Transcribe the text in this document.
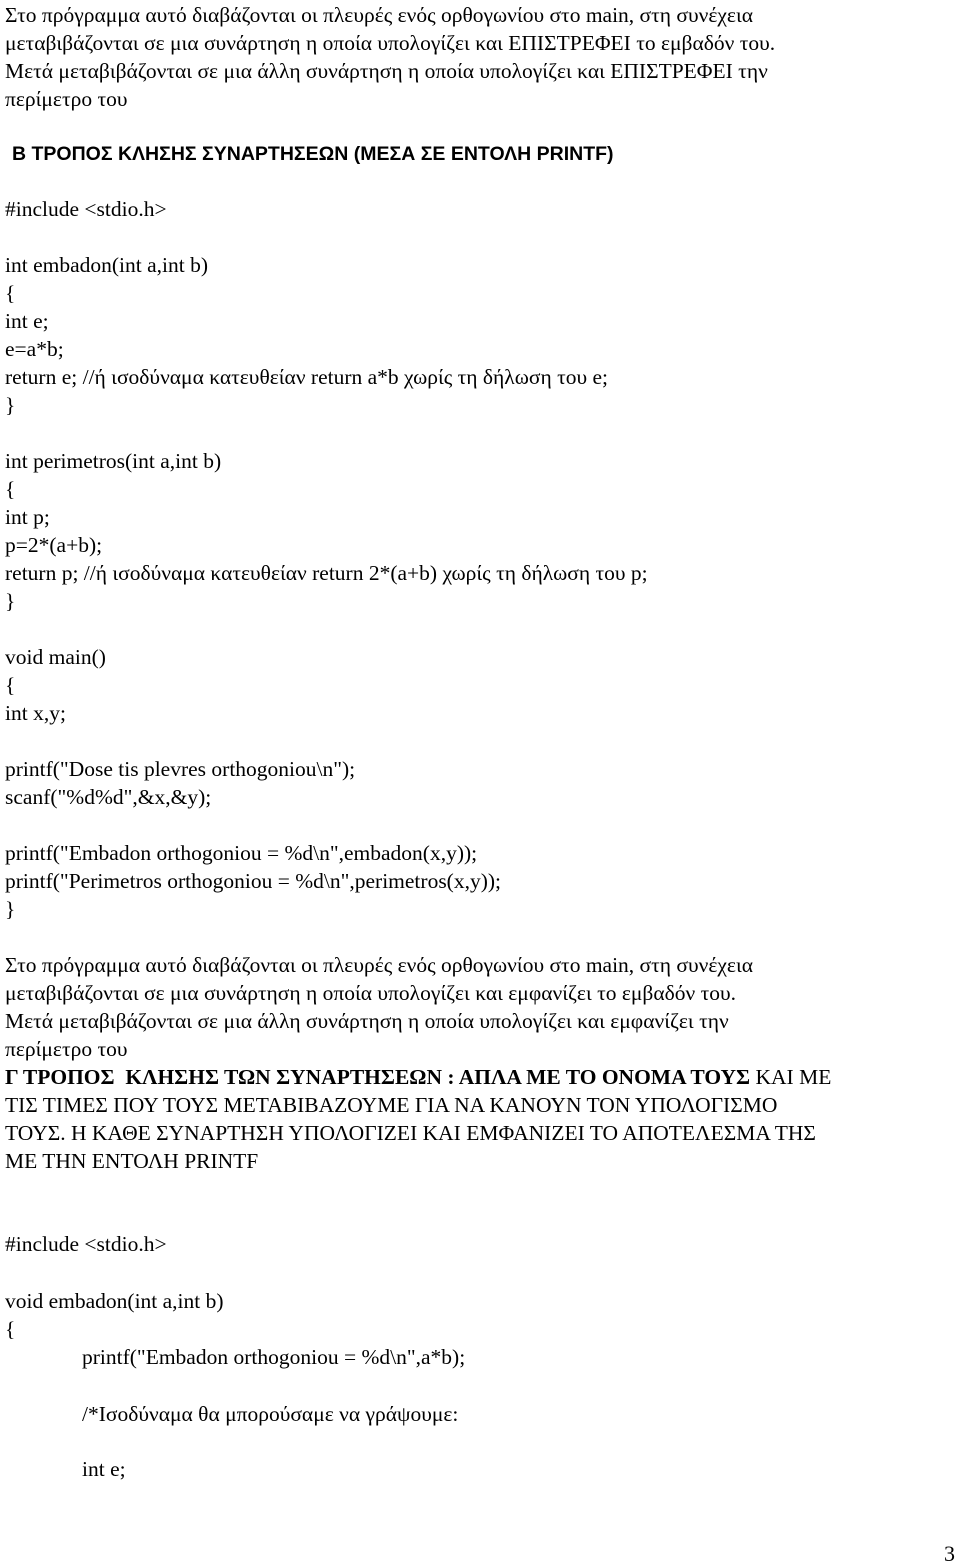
Στο πρόγραμμα αυτό διαβάζονται οι πλευρές ενός ορθογωνίου στο main, στη συνέχεια
μεταβιβάζονται σε μια συνάρτηση η οποία υπολογίζει και ΕΠΙΣΤΡΕΦΕΙ το εμβαδόν του.
Μετά μεταβιβάζονται σε μια άλλη συνάρτηση η οποία υπολογίζει και ΕΠΙΣΤΡΕΦΕΙ την
περίμετρο του
Β ΤΡΟΠΟΣ ΚΛΗΣΗΣ ΣΥΝΑΡΤΗΣΕΩΝ (ΜΕΣΑ ΣΕ ΕΝΤΟΛΗ PRINTF)
#include <stdio.h>
int embadon(int a,int b)
{
int e;
e=a*b;
return e; //ή ισοδύναμα κατευθείαν return a*b χωρίς τη δήλωση του e;
}
int perimetros(int a,int b)
{
int p;
p=2*(a+b);
return p; //ή ισοδύναμα κατευθείαν return 2*(a+b) χωρίς τη δήλωση του p;
}
void main()
{
int x,y;
printf("Dose tis plevres orthogoniou\n");
scanf("%d%d",&x,&y);
printf("Embadon orthogoniou = %d\n",embadon(x,y));
printf("Perimetros orthogoniou = %d\n",perimetros(x,y));
}
Στο πρόγραμμα αυτό διαβάζονται οι πλευρές ενός ορθογωνίου στο main, στη συνέχεια
μεταβιβάζονται σε μια συνάρτηση η οποία υπολογίζει και εμφανίζει το εμβαδόν του.
Μετά μεταβιβάζονται σε μια άλλη συνάρτηση η οποία υπολογίζει και εμφανίζει την
περίμετρο του
Γ ΤΡΟΠΟΣ  ΚΛΗΣΗΣ ΤΩΝ ΣΥΝΑΡΤΗΣΕΩΝ : ΑΠΛΑ ΜΕ ΤΟ ΟΝΟΜΑ ΤΟΥΣ ΚΑΙ ΜΕ
ΤΙΣ ΤΙΜΕΣ ΠΟΥ ΤΟΥΣ ΜΕΤΑΒΙΒΑΖΟΥΜΕ ΓΙΑ ΝΑ ΚΑΝΟΥΝ ΤΟΝ ΥΠΟΛΟΓΙΣΜΟ
ΤΟΥΣ. Η ΚΑΘΕ ΣΥΝΑΡΤΗΣΗ ΥΠΟΛΟΓΙΖΕΙ ΚΑΙ ΕΜΦΑΝΙΖΕΙ ΤΟ ΑΠΟΤΕΛΕΣΜΑ ΤΗΣ
ΜΕ ΤΗΝ ΕΝΤΟΛΗ PRINTF
#include <stdio.h>
void embadon(int a,int b)
{
printf("Embadon orthogoniou = %d\n",a*b);
/*Ισοδύναμα θα μπορούσαμε να γράψουμε:
int e;
3
